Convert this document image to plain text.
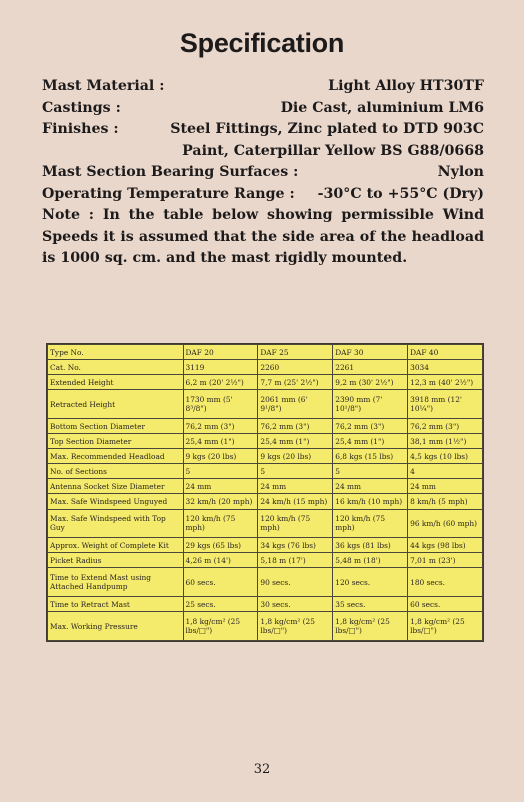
Specification
Mast Material :	Light Alloy HT30TF
Castings :	Die Cast, aluminium LM6
Finishes :	Steel Fittings, Zinc plated to DTD 903C
Paint, Caterpillar Yellow BS G88/0668
Mast Section Bearing Surfaces :	Nylon
Operating Temperature Range :	-30°C to +55°C (Dry)
Note : In the table below showing permissible Wind Speeds it is assumed that the side area of the headload is 1000 sq. cm. and the mast rigidly mounted.
Type No.	DAF 20	DAF 25	DAF 30	DAF 40
Cat. No.	3119	2260	2261	3034
Extended Height	6,2 m (20' 2½")	7,7 m (25' 2½")	9,2 m (30' 2½")	12,3 m (40' 2½")
Retracted Height	1730 mm (5' 8³/8")	2061 mm (6' 9¹/8")	2390 mm (7' 10¹/8")	3918 mm (12' 10¼")
Bottom Section Diameter	76,2 mm (3")	76,2 mm (3")	76,2 mm (3")	76,2 mm (3")
Top Section Diameter	25,4 mm (1")	25,4 mm (1")	25,4 mm (1")	38,1 mm (1½")
Max. Recommended Headload	9 kgs (20 lbs)	9 kgs (20 lbs)	6,8 kgs (15 lbs)	4,5 kgs (10 lbs)
No. of Sections	5	5	5	4
Antenna Socket Size Diameter	24 mm	24 mm	24 mm	24 mm
Max. Safe Windspeed Unguyed	32 km/h (20 mph)	24 km/h (15 mph)	16 km/h (10 mph)	8 km/h (5 mph)
Max. Safe Windspeed with Top Guy	120 km/h (75 mph)	120 km/h (75 mph)	120 km/h (75 mph)	96 km/h (60 mph)
Approx. Weight of Complete Kit	29 kgs (65 lbs)	34 kgs (76 lbs)	36 kgs (81 lbs)	44 kgs (98 lbs)
Picket Radius	4,26 m (14')	5,18 m (17')	5,48 m (18')	7,01 m (23')
Time to Extend Mast using Attached Handpump	60 secs.	90 secs.	120 secs.	180 secs.
Time to Retract Mast	25 secs.	30 secs.	35 secs.	60 secs.
Max. Working Pressure	1,8 kg/cm² (25 lbs/□")	1,8 kg/cm² (25 lbs/□")	1,8 kg/cm² (25 lbs/□")	1,8 kg/cm² (25 lbs/□")
32
